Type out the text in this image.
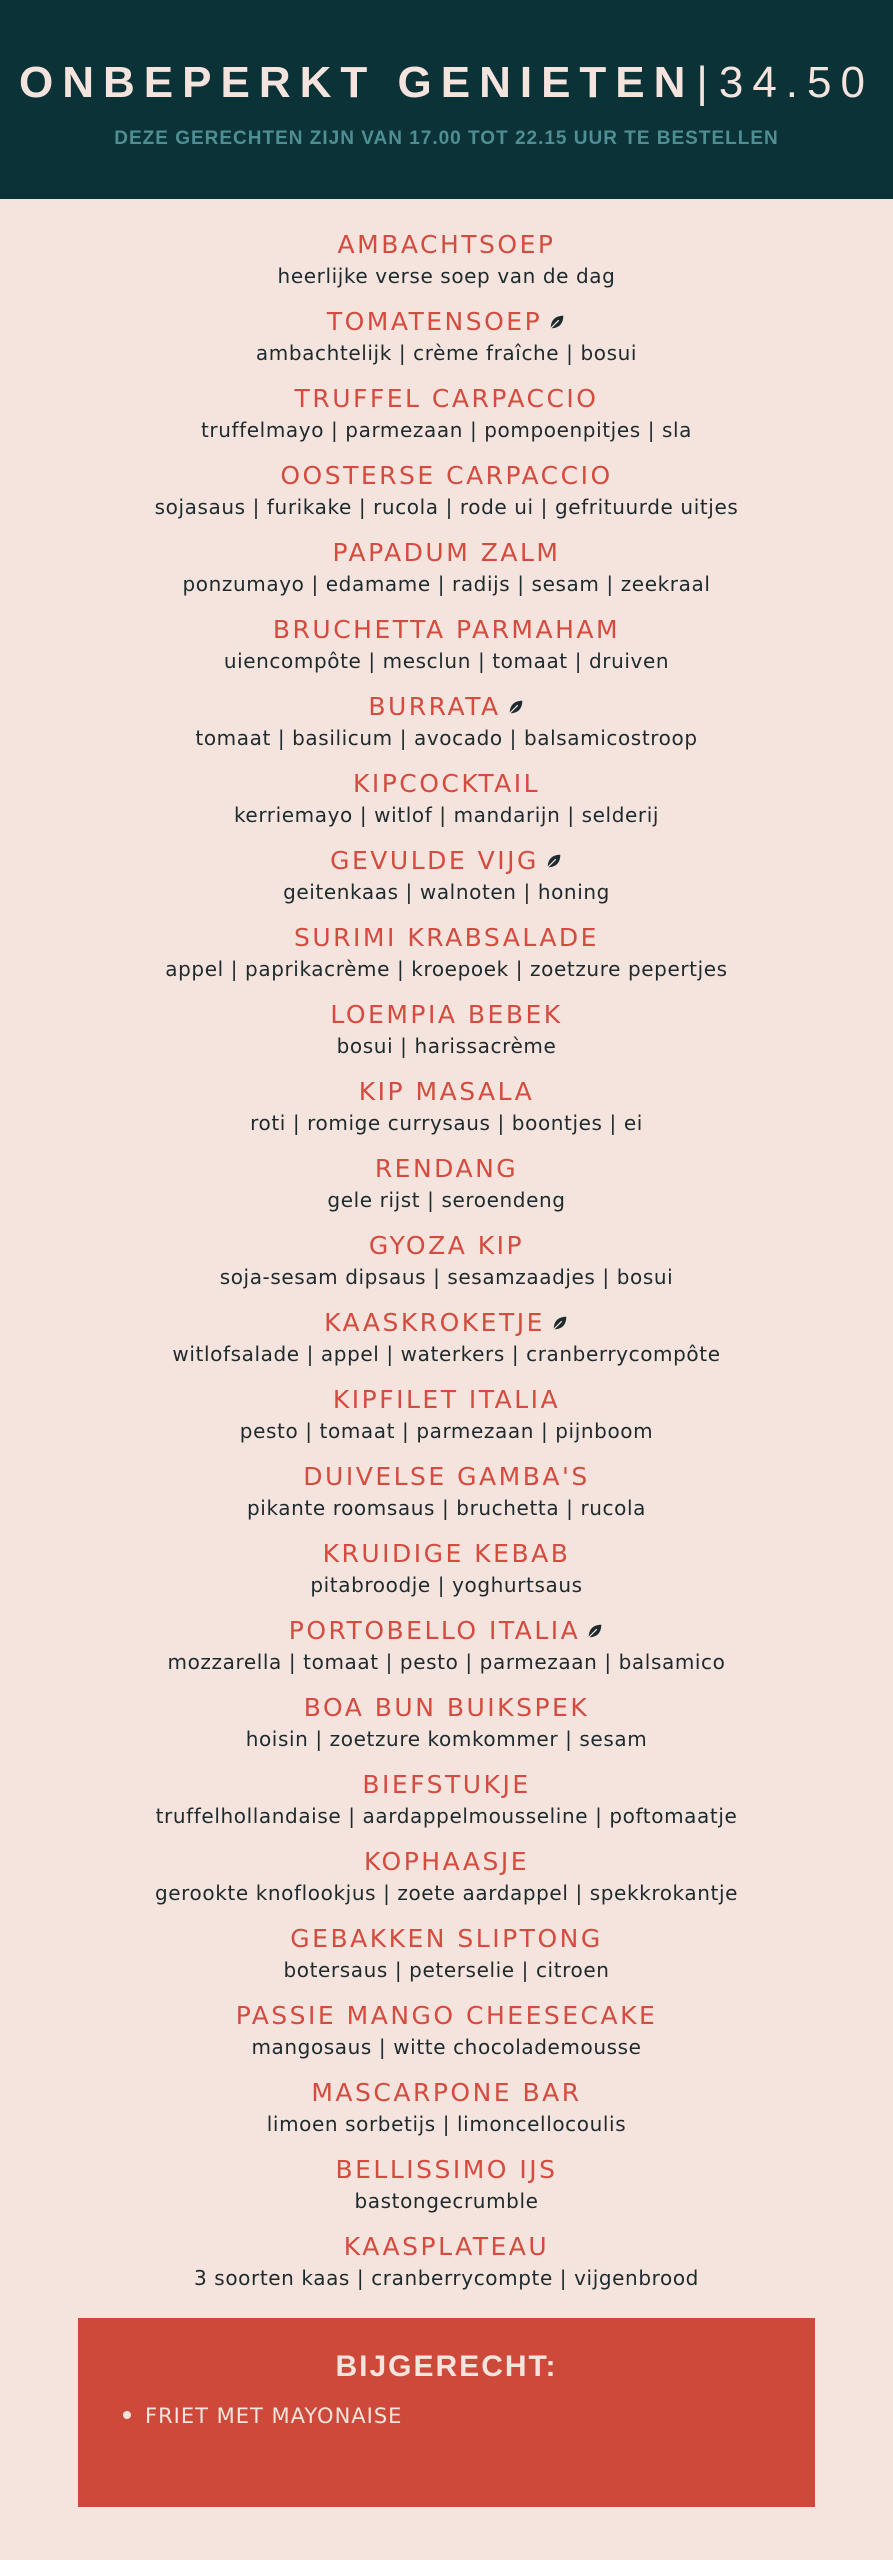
ONBEPERKT GENIETEN|34.50
DEZE GERECHTEN ZIJN VAN 17.00 TOT 22.15 UUR TE BESTELLEN
AMBACHTSOEP
heerlijke verse soep van de dag
TOMATENSOEP
ambachtelijk | crème fraîche | bosui
TRUFFEL CARPACCIO
truffelmayo | parmezaan | pompoenpitjes | sla
OOSTERSE CARPACCIO
sojasaus | furikake | rucola | rode ui | gefrituurde uitjes
PAPADUM ZALM
ponzumayo | edamame | radijs | sesam | zeekraal
BRUCHETTA PARMAHAM
uiencompôte | mesclun | tomaat | druiven
BURRATA
tomaat | basilicum | avocado | balsamicostroop
KIPCOCKTAIL
kerriemayo | witlof | mandarijn | selderij
GEVULDE VIJG
geitenkaas | walnoten | honing
SURIMI KRABSALADE
appel | paprikacrème | kroepoek | zoetzure pepertjes
LOEMPIA BEBEK
bosui | harissacrème
KIP MASALA
roti | romige currysaus | boontjes | ei
RENDANG
gele rijst | seroendeng
GYOZA KIP
soja-sesam dipsaus | sesamzaadjes | bosui
KAASKROKETJE
witlofsalade | appel | waterkers | cranberrycompôte
KIPFILET ITALIA
pesto | tomaat | parmezaan | pijnboom
DUIVELSE GAMBA'S
pikante roomsaus | bruchetta | rucola
KRUIDIGE KEBAB
pitabroodje | yoghurtsaus
PORTOBELLO ITALIA
mozzarella | tomaat | pesto | parmezaan | balsamico
BOA BUN BUIKSPEK
hoisin | zoetzure komkommer | sesam
BIEFSTUKJE
truffelhollandaise | aardappelmousseline | poftomaatje
KOPHAASJE
gerookte knoflookjus | zoete aardappel | spekkrokantje
GEBAKKEN SLIPTONG
botersaus | peterselie | citroen
PASSIE MANGO CHEESECAKE
mangosaus | witte chocolademousse
MASCARPONE BAR
limoen sorbetijs | limoncellocoulis
BELLISSIMO IJS
bastongecrumble
KAASPLATEAU
3 soorten kaas | cranberrycompte | vijgenbrood
BIJGERECHT:
FRIET MET MAYONAISE
